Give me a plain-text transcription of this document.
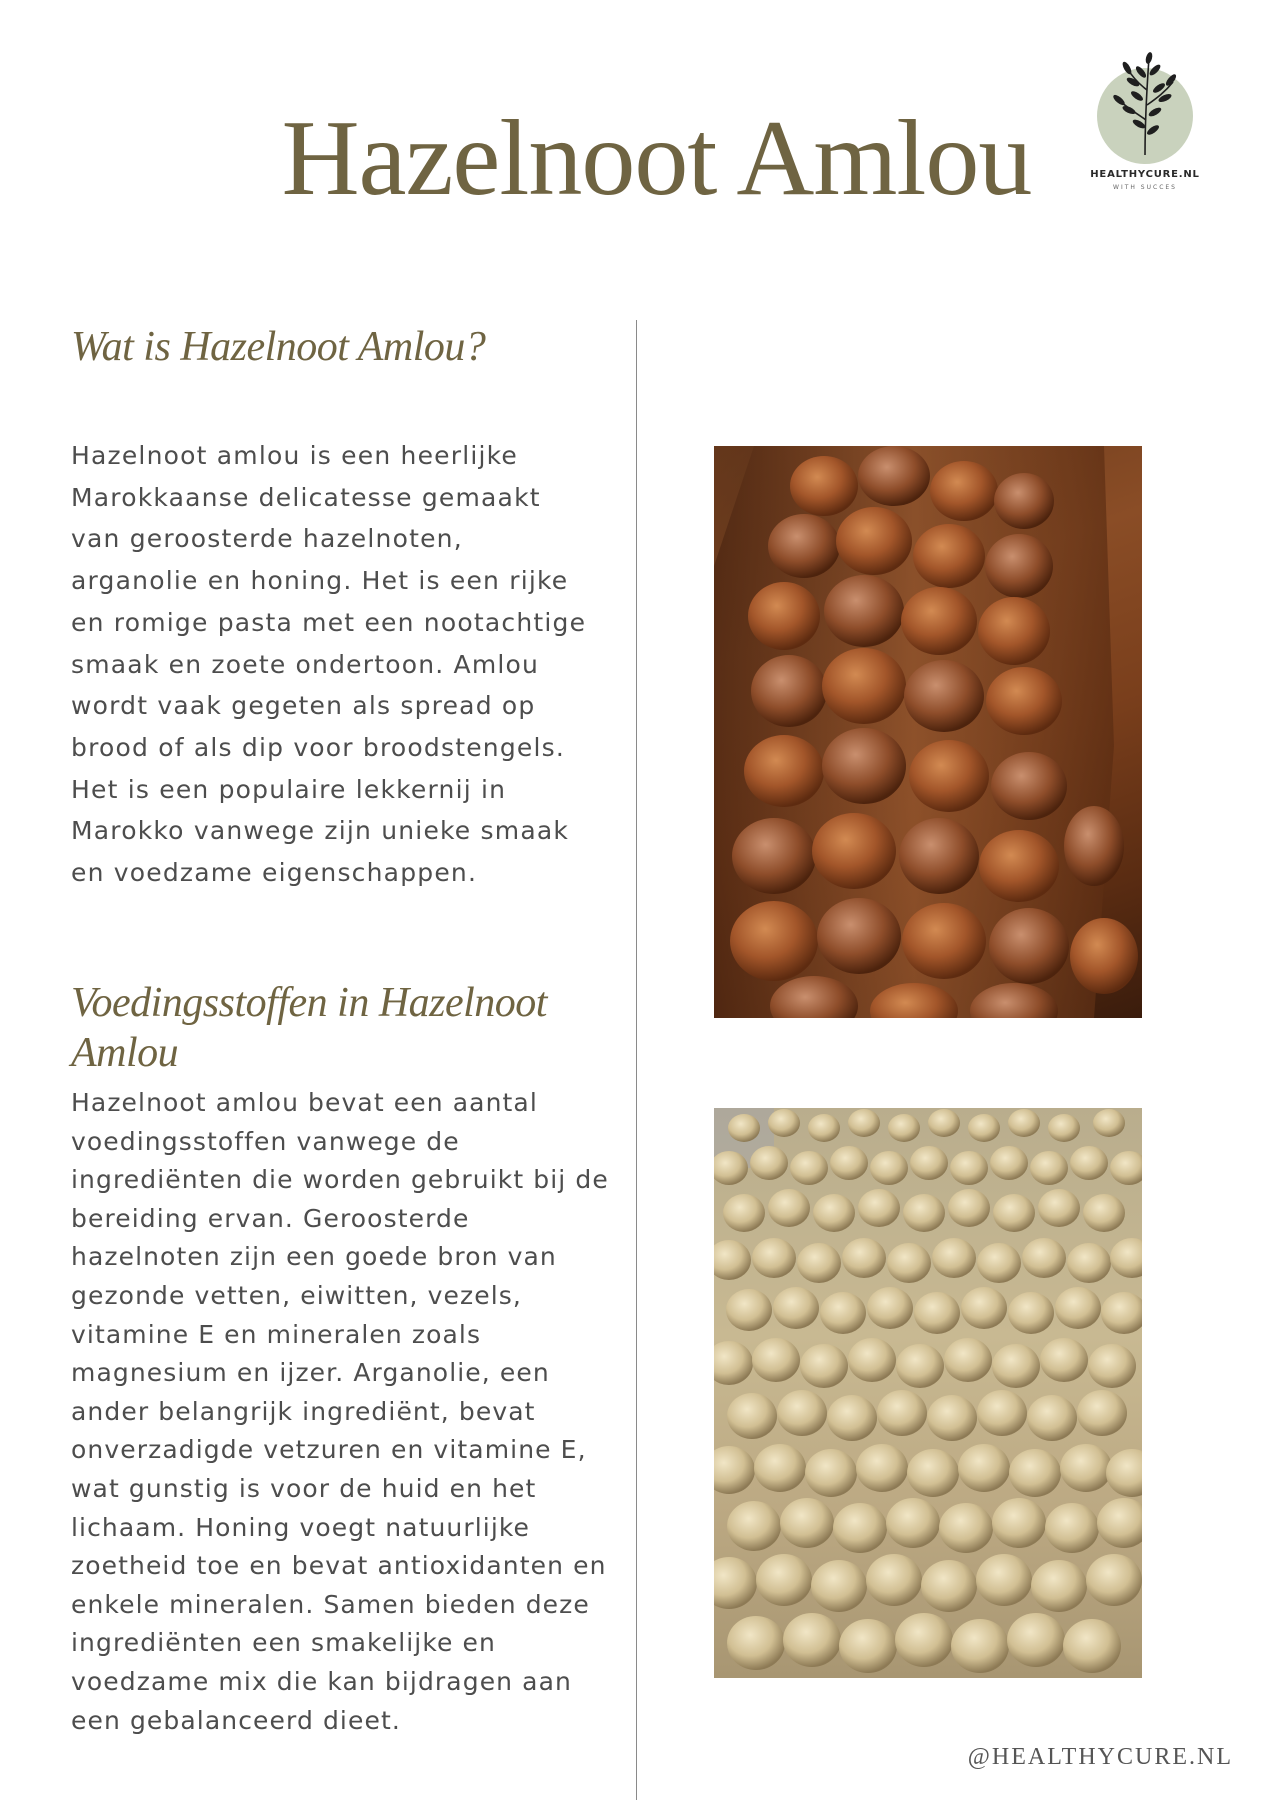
Hazelnoot Amlou	HEALTHYCURE.NL
WITH SUCCES
Wat is Hazelnoot Amlou?
Hazelnoot amlou is een heerlijke Marokkaanse delicatesse gemaakt van geroosterde hazelnoten, arganolie en honing. Het is een rijke en romige pasta met een nootachtige smaak en zoete ondertoon. Amlou wordt vaak gegeten als spread op brood of als dip voor broodstengels. Het is een populaire lekkernij in Marokko vanwege zijn unieke smaak en voedzame eigenschappen.
Voedingsstoffen in Hazelnoot Amlou
Hazelnoot amlou bevat een aantal voedingsstoffen vanwege de ingrediënten die worden gebruikt bij de bereiding ervan. Geroosterde hazelnoten zijn een goede bron van gezonde vetten, eiwitten, vezels, vitamine E en mineralen zoals magnesium en ijzer. Arganolie, een ander belangrijk ingrediënt, bevat onverzadigde vetzuren en vitamine E, wat gunstig is voor de huid en het lichaam. Honing voegt natuurlijke zoetheid toe en bevat antioxidanten en enkele mineralen. Samen bieden deze ingrediënten een smakelijke en voedzame mix die kan bijdragen aan een gebalanceerd dieet.
@HEALTHYCURE.NL
